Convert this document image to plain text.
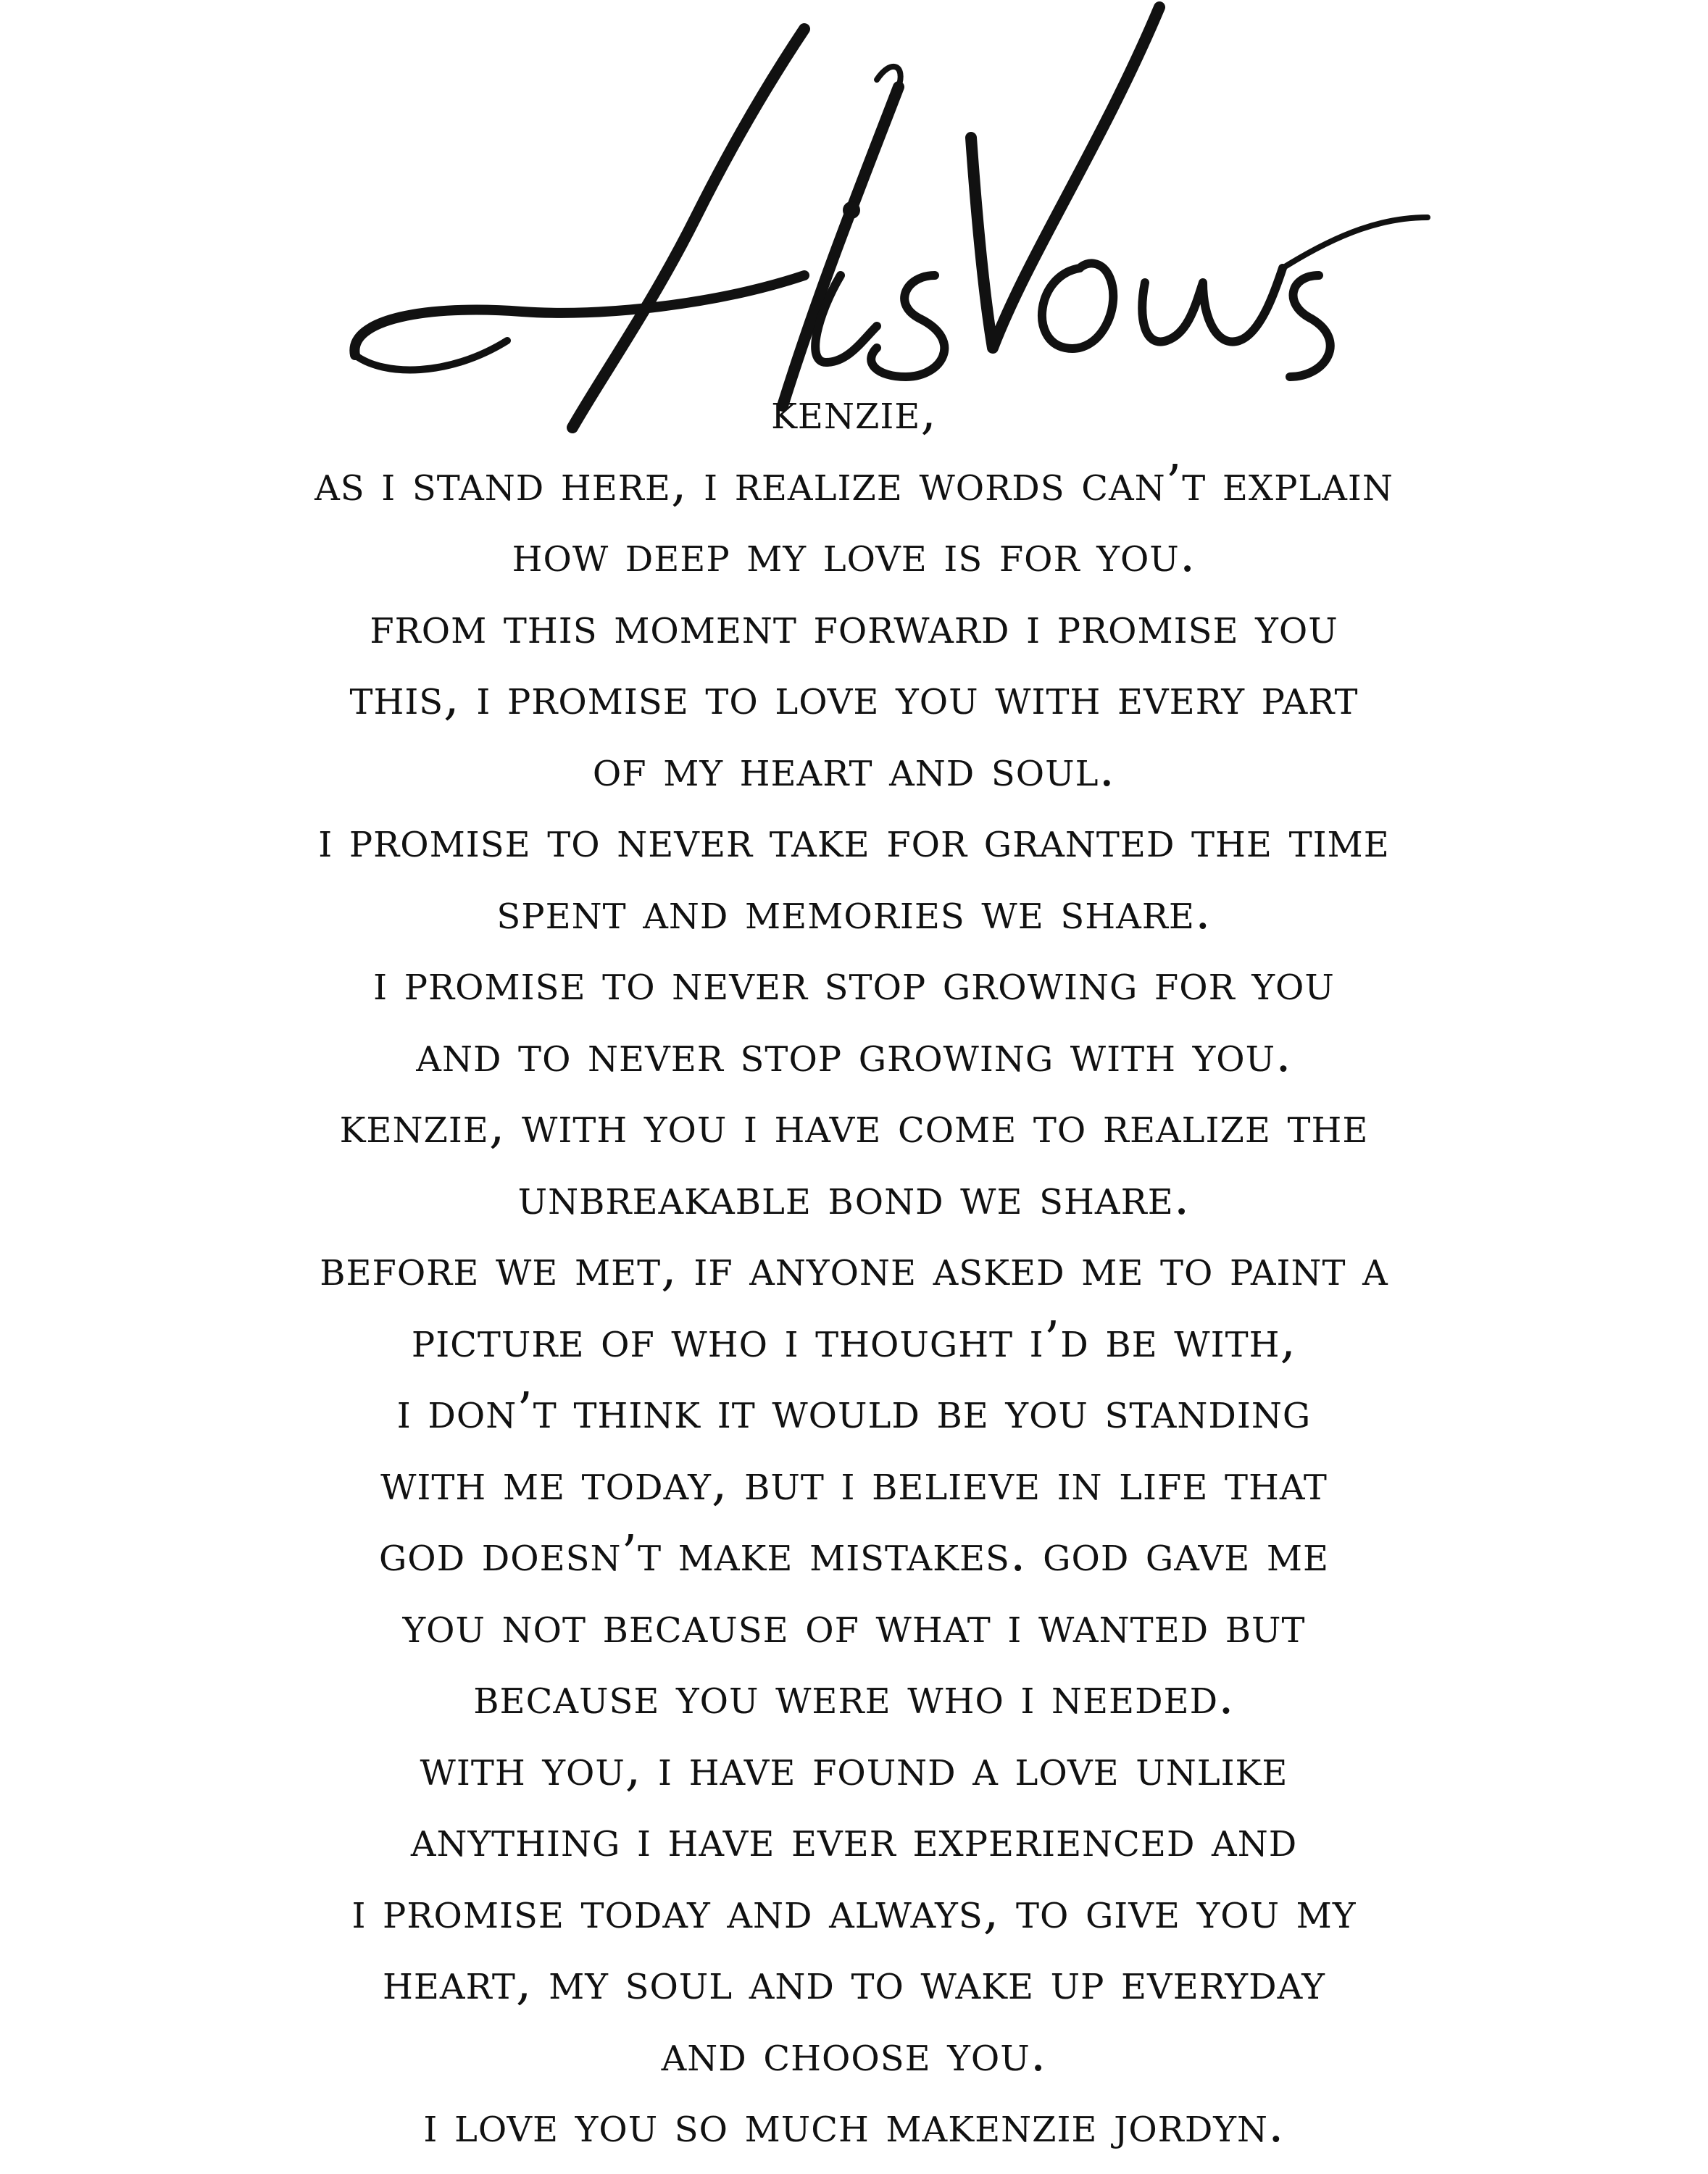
kenzie,
as i stand here, i realize words can’t explain
how deep my love is for you.
from this moment forward i promise you
this, i promise to love you with every part
of my heart and soul.
i promise to never take for granted the time
spent and memories we share.
i promise to never stop growing for you
and to never stop growing with you.
kenzie, with you i have come to realize the
unbreakable bond we share.
before we met, if anyone asked me to paint a
picture of who i thought i’d be with,
i don’t think it would be you standing
with me today, but i believe in life that
god doesn’t make mistakes. god gave me
you not because of what i wanted but
because you were who i needed.
with you, i have found a love unlike
anything i have ever experienced and
i promise today and always, to give you my
heart, my soul and to wake up everyday
and choose you.
i love you so much makenzie jordyn.
